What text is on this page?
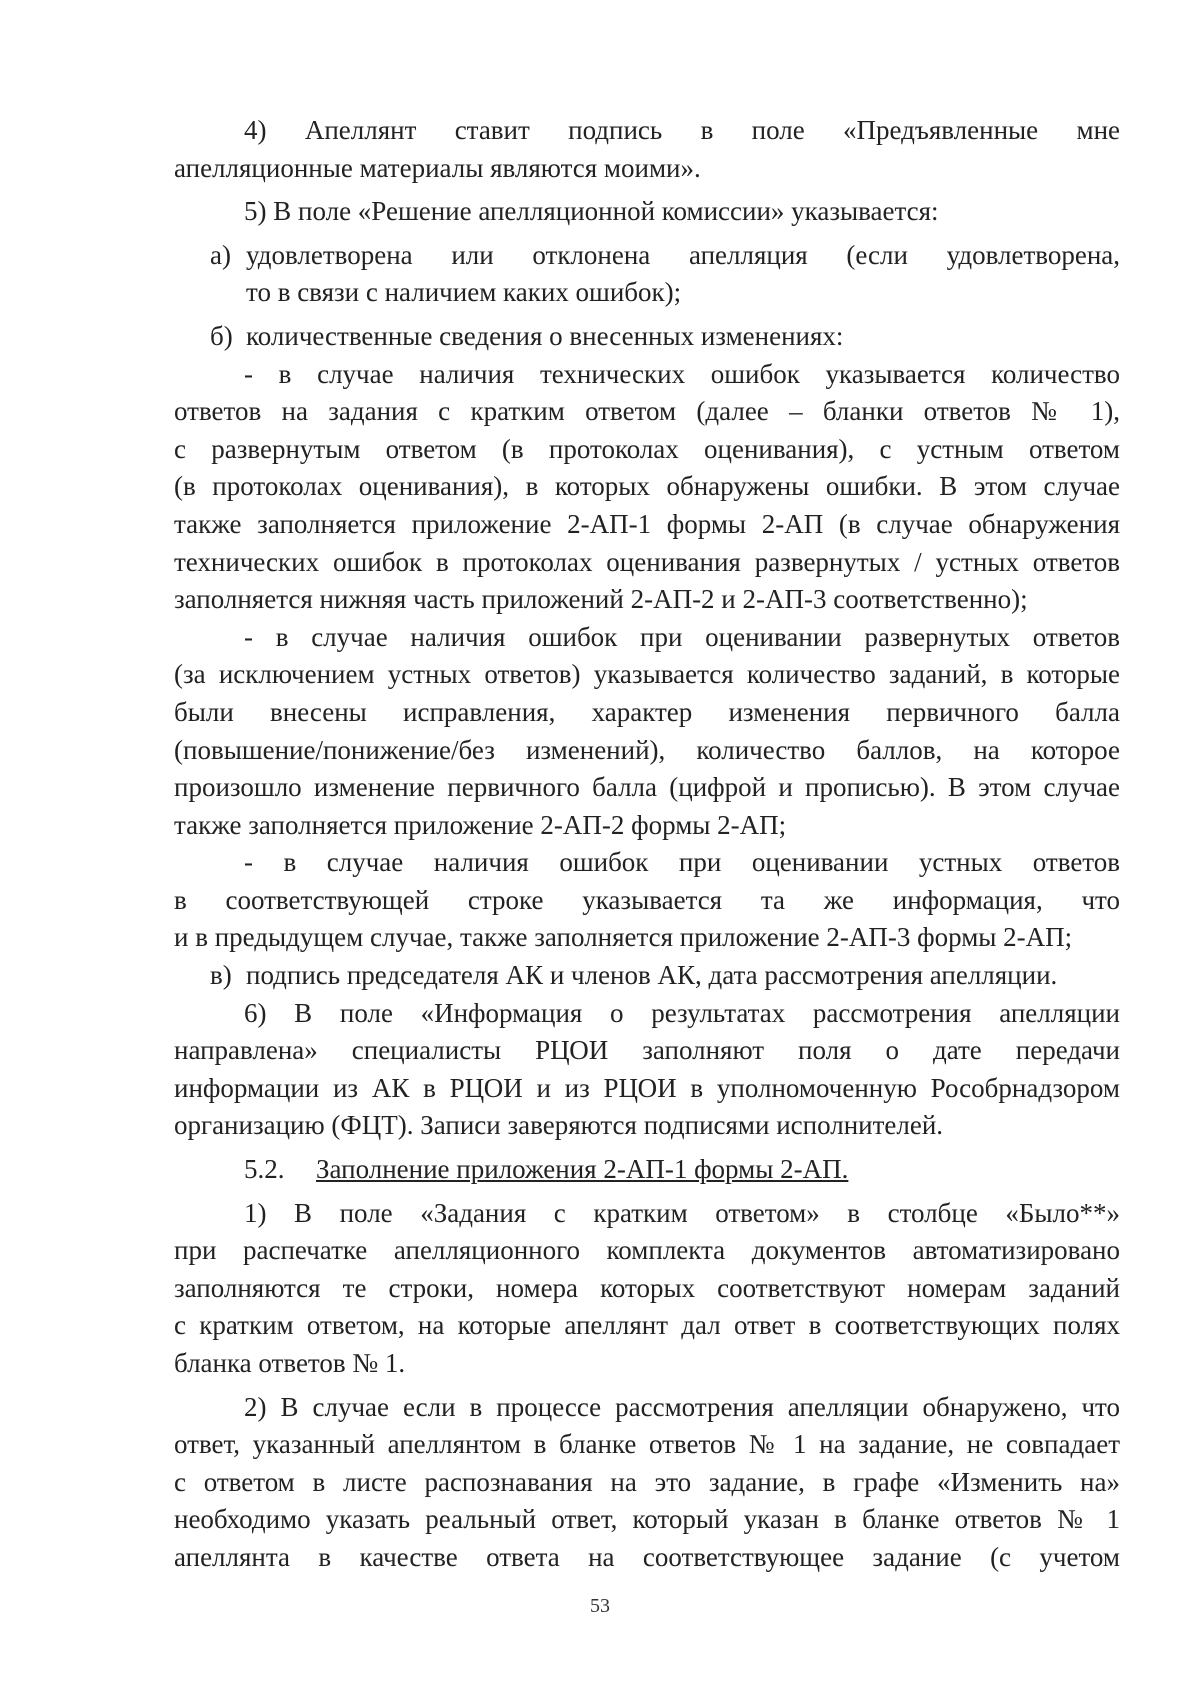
4) Апеллянт ставит подпись в поле «Предъявленные мне

апелляционные материалы являются моими».

5) В поле «Решение апелляционной комиссии» указывается:

а) удовлетворена или отклонена апелляция (если удовлетворена,

то в связи с наличием каких ошибок);

б) количественные сведения о внесенных изменениях:

- в случае наличия технических ошибок указывается количество

ответов на задания с кратким ответом (далее – бланки ответов № 1),

с развернутым ответом (в протоколах оценивания), с устным ответом

(в протоколах оценивания), в которых обнаружены ошибки. В этом случае

также заполняется приложение 2-АП-1 формы 2-АП (в случае обнаружения

технических ошибок в протоколах оценивания развернутых / устных ответов

заполняется нижняя часть приложений 2-АП-2 и 2-АП-3 соответственно);

- в случае наличия ошибок при оценивании развернутых ответов

(за исключением устных ответов) указывается количество заданий, в которые

были внесены исправления, характер изменения первичного балла

(повышение/понижение/без изменений), количество баллов, на которое

произошло изменение первичного балла (цифрой и прописью). В этом случае

также заполняется приложение 2-АП-2 формы 2-АП;

- в случае наличия ошибок при оценивании устных ответов

в соответствующей строке указывается та же информация, что

и в предыдущем случае, также заполняется приложение 2-АП-3 формы 2-АП;

в) подпись председателя АК и членов АК, дата рассмотрения апелляции.

6) В поле «Информация о результатах рассмотрения апелляции

направлена» специалисты РЦОИ заполняют поля о дате передачи

информации из АК в РЦОИ и из РЦОИ в уполномоченную Рособрнадзором

организацию (ФЦТ). Записи заверяются подписями исполнителей.

5.2. Заполнение приложения 2-АП-1 формы 2-АП.

1) В поле «Задания с кратким ответом» в столбце «Было**»

при распечатке апелляционного комплекта документов автоматизировано

заполняются те строки, номера которых соответствуют номерам заданий

с кратким ответом, на которые апеллянт дал ответ в соответствующих полях

бланка ответов № 1.

2) В случае если в процессе рассмотрения апелляции обнаружено, что

ответ, указанный апеллянтом в бланке ответов № 1 на задание, не совпадает

с ответом в листе распознавания на это задание, в графе «Изменить на»

необходимо указать реальный ответ, который указан в бланке ответов № 1

апеллянта в качестве ответа на соответствующее задание (с учетом

53
